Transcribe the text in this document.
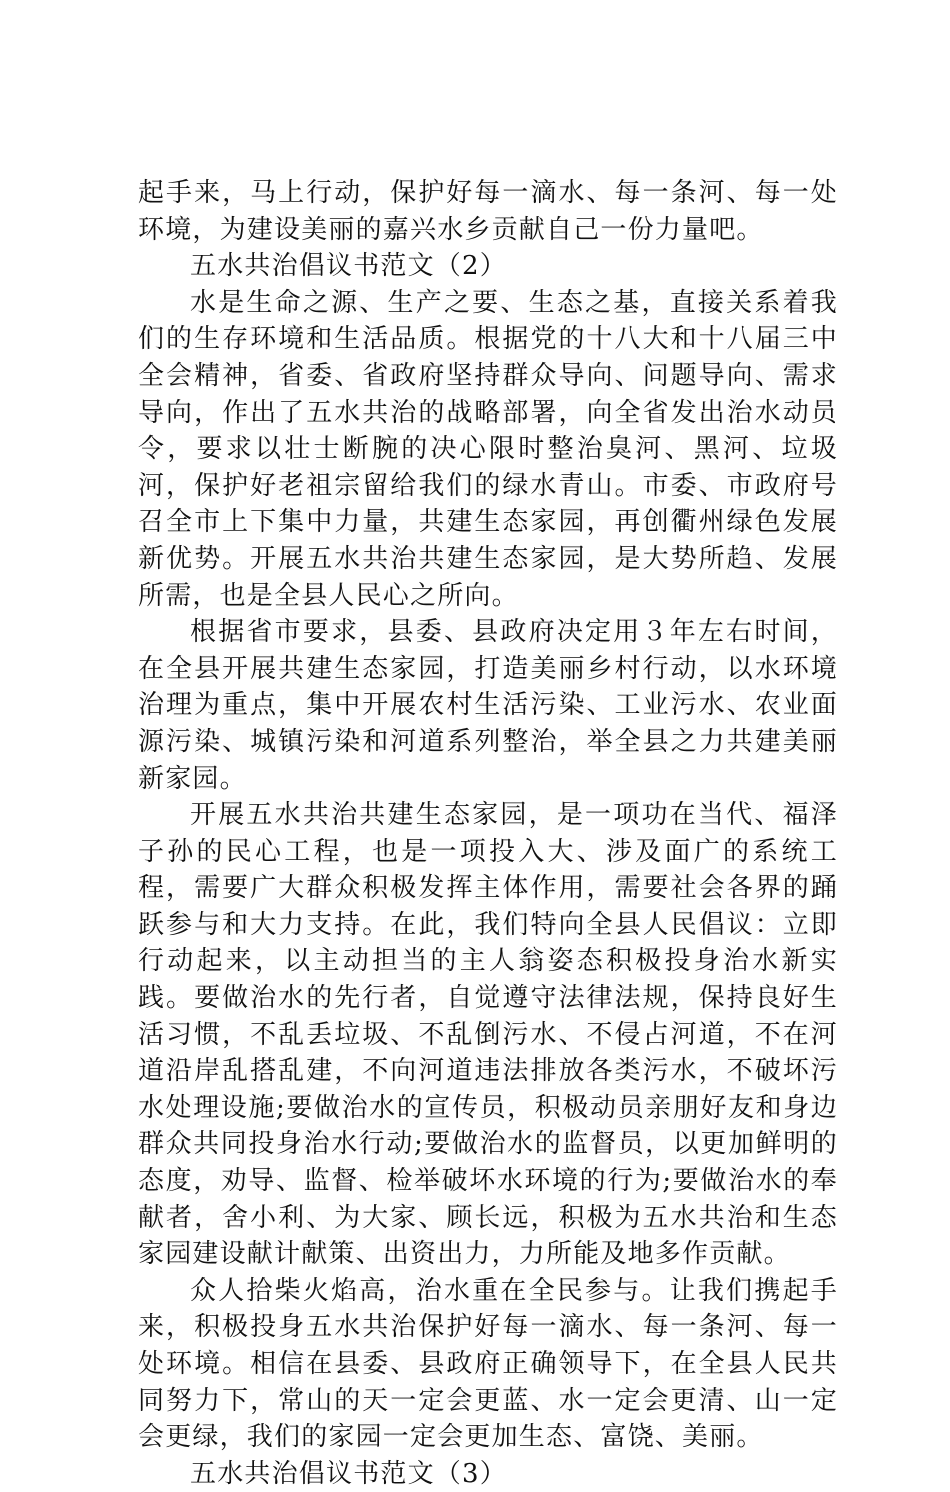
起手来，马上行动，保护好每一滴水、每一条河、每一处环境，为建设美丽的嘉兴水乡贡献自己一份力量吧。

五水共治倡议书范文（2）

水是生命之源、生产之要、生态之基，直接关系着我们的生存环境和生活品质。根据党的十八大和十八届三中全会精神，省委、省政府坚持群众导向、问题导向、需求导向，作出了五水共治的战略部署，向全省发出治水动员令，要求以壮士断腕的决心限时整治臭河、黑河、垃圾河，保护好老祖宗留给我们的绿水青山。市委、市政府号召全市上下集中力量，共建生态家园，再创衢州绿色发展新优势。开展五水共治共建生态家园，是大势所趋、发展所需，也是全县人民心之所向。

根据省市要求，县委、县政府决定用３年左右时间，在全县开展共建生态家园，打造美丽乡村行动，以水环境治理为重点，集中开展农村生活污染、工业污水、农业面源污染、城镇污染和河道系列整治，举全县之力共建美丽新家园。

开展五水共治共建生态家园，是一项功在当代、福泽子孙的民心工程，也是一项投入大、涉及面广的系统工程，需要广大群众积极发挥主体作用，需要社会各界的踊跃参与和大力支持。在此，我们特向全县人民倡议：立即行动起来，以主动担当的主人翁姿态积极投身治水新实践。要做治水的先行者，自觉遵守法律法规，保持良好生活习惯，不乱丢垃圾、不乱倒污水、不侵占河道，不在河道沿岸乱搭乱建，不向河道违法排放各类污水，不破坏污水处理设施;要做治水的宣传员，积极动员亲朋好友和身边群众共同投身治水行动;要做治水的监督员，以更加鲜明的态度，劝导、监督、检举破坏水环境的行为;要做治水的奉献者，舍小利、为大家、顾长远，积极为五水共治和生态家园建设献计献策、出资出力，力所能及地多作贡献。

众人拾柴火焰高，治水重在全民参与。让我们携起手来，积极投身五水共治保护好每一滴水、每一条河、每一处环境。相信在县委、县政府正确领导下，在全县人民共同努力下，常山的天一定会更蓝、水一定会更清、山一定会更绿，我们的家园一定会更加生态、富饶、美丽。

五水共治倡议书范文（3）
